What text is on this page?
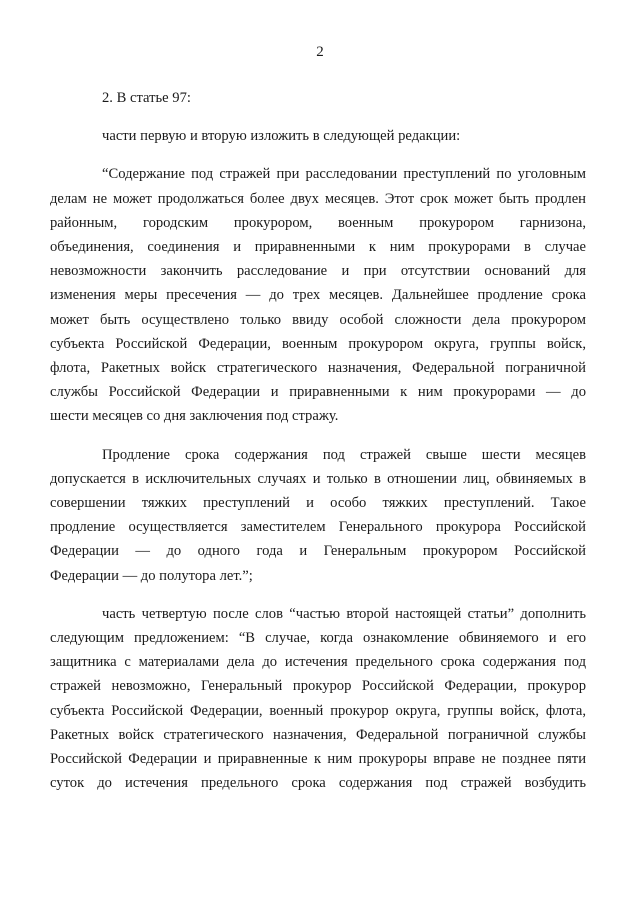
2
2. В статье 97:
части первую и вторую изложить в следующей редакции:
“Содержание под стражей при расследовании преступлений по уголовным
делам не может продолжаться более двух месяцев. Этот срок может быть продлен
районным, городским прокурором, военным прокурором гарнизона,
объединения, соединения и приравненными к ним прокурорами в случае
невозможности закончить расследование и при отсутствии оснований для
изменения меры пресечения — до трех месяцев. Дальнейшее продление срока
может быть осуществлено только ввиду особой сложности дела прокурором
субъекта Российской Федерации, военным прокурором округа, группы войск,
флота, Ракетных войск стратегического назначения, Федеральной пограничной
службы Российской Федерации и приравненными к ним прокурорами — до
шести месяцев со дня заключения под стражу.
Продление срока содержания под стражей свыше шести месяцев
допускается в исключительных случаях и только в отношении лиц, обвиняемых в
совершении тяжких преступлений и особо тяжких преступлений. Такое
продление осуществляется заместителем Генерального прокурора Российской
Федерации — до одного года и Генеральным прокурором Российской
Федерации — до полутора лет.”;
часть четвертую после слов “частью второй настоящей статьи” дополнить
следующим предложением: “В случае, когда ознакомление обвиняемого и его
защитника с материалами дела до истечения предельного срока содержания под
стражей невозможно, Генеральный прокурор Российской Федерации, прокурор
субъекта Российской Федерации, военный прокурор округа, группы войск, флота,
Ракетных войск стратегического назначения, Федеральной пограничной службы
Российской Федерации и приравненные к ним прокуроры вправе не позднее пяти
суток до истечения предельного срока содержания под стражей возбудить
